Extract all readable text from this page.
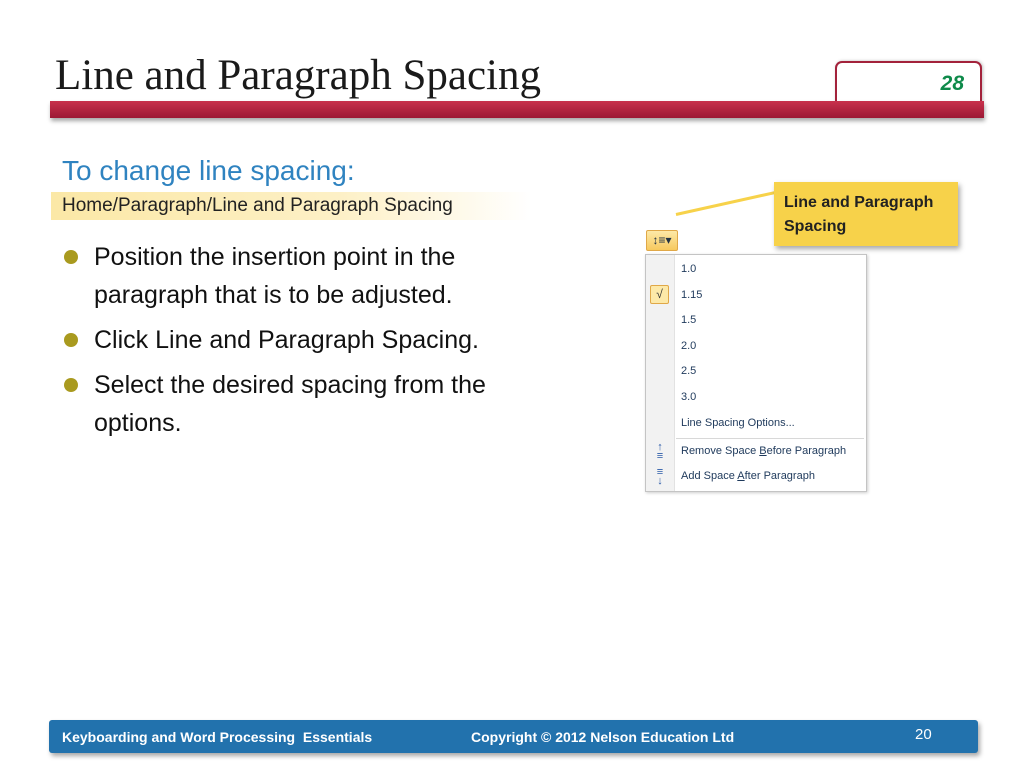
Line and Paragraph Spacing	28
To change line spacing:
Home/Paragraph/Line and Paragraph Spacing
Position the insertion point in the paragraph that is to be adjusted.
Click Line and Paragraph Spacing.
Select the desired spacing from the options.
Line and Paragraph Spacing
↕≡▾
√
1.0
1.15
1.5
2.0
2.5
3.0
Line Spacing Options...
↑
≡	Remove Space Before Paragraph
≡
↓	Add Space After Paragraph
Keyboarding and Word Processing  Essentials	Copyright © 2012 Nelson Education Ltd	20
